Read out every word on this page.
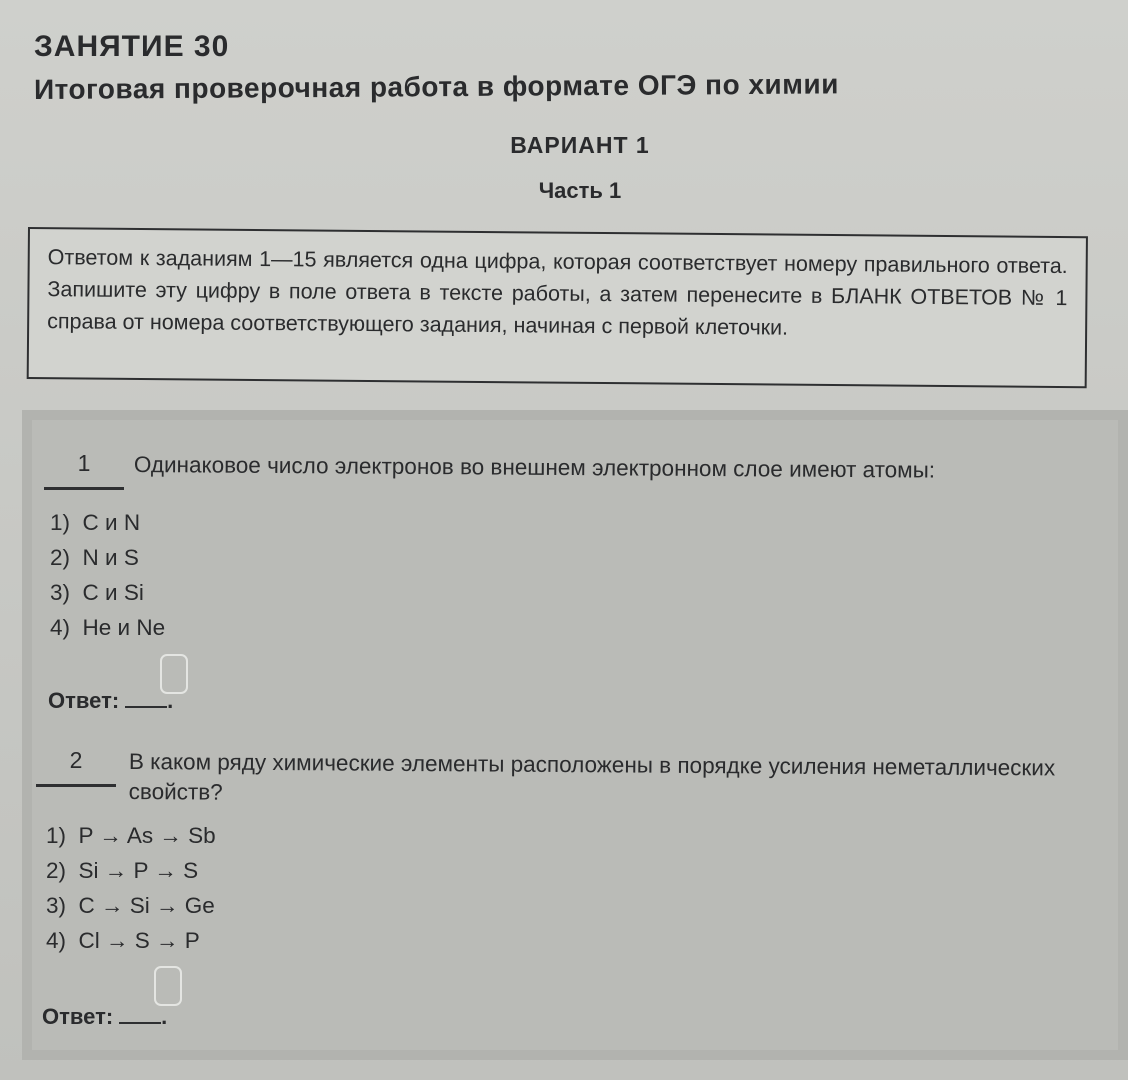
ЗАНЯТИЕ 30
Итоговая проверочная работа в формате ОГЭ по химии
ВАРИАНТ 1
Часть 1

Ответом к заданиям 1—15 является одна цифра, которая соответствует номеру правильного ответа. Запишите эту цифру в поле ответа в тексте работы, а затем перенесите в БЛАНК ОТВЕТОВ № 1 справа от номера соответствующего задания, начиная с первой клеточки.

1	Одинаковое число электронов во внешнем электронном слое имеют атомы:
1)  C и N
2)  N и S
3)  C и Si
4)  He и Ne
Ответ: .
2	В каком ряду химические элементы расположены в порядке усиления неметаллических свойств?
1)  P → As → Sb
2)  Si → P → S
3)  C → Si → Ge
4)  Cl → S → P
Ответ: .
